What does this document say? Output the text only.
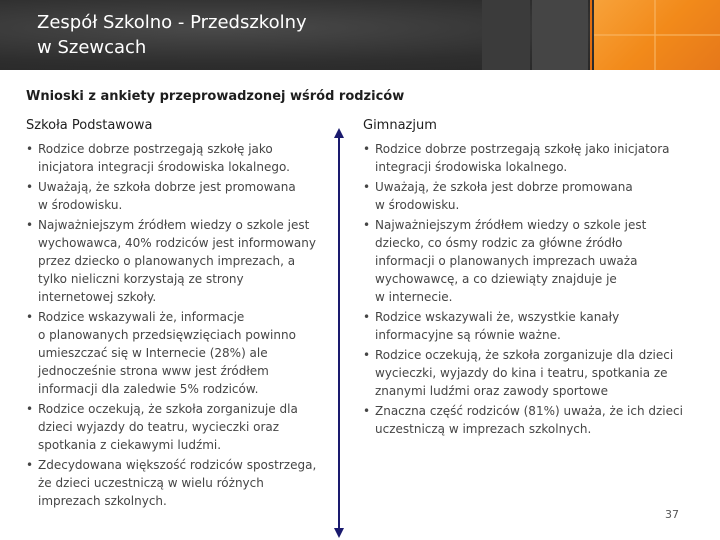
Zespół Szkolno - Przedszkolny
w Szewcach
Wnioski z ankiety przeprowadzonej wśród rodziców
Szkoła Podstawowa	Gimnazjum
• Rodzice dobrze postrzegają szkołę jako
inicjatora integracji środowiska lokalnego.
• Uważają, że szkoła dobrze jest promowana
w środowisku.
• Najważniejszym źródłem wiedzy o szkole jest
wychowawca, 40% rodziców jest informowany
przez dziecko o planowanych imprezach, a
tylko nieliczni korzystają ze strony
internetowej szkoły.
• Rodzice wskazywali że, informacje
o planowanych przedsięwzięciach powinno
umieszczać się w Internecie (28%) ale
jednocześnie strona www jest źródłem
informacji dla zaledwie 5% rodziców.
• Rodzice oczekują, że szkoła zorganizuje dla
dzieci wyjazdy do teatru, wycieczki oraz
spotkania z ciekawymi ludźmi.
• Zdecydowana większość rodziców spostrzega,
że dzieci uczestniczą w wielu różnych
imprezach szkolnych.
• Rodzice dobrze postrzegają szkołę jako inicjatora
integracji środowiska lokalnego.
• Uważają, że szkoła jest dobrze promowana
w środowisku.
• Najważniejszym źródłem wiedzy o szkole jest
dziecko, co ósmy rodzic za główne źródło
informacji o planowanych imprezach uważa
wychowawcę, a co dziewiąty znajduje je
w internecie.
• Rodzice wskazywali że, wszystkie kanały
informacyjne są równie ważne.
• Rodzice oczekują, że szkoła zorganizuje dla dzieci
wycieczki, wyjazdy do kina i teatru, spotkania ze
znanymi ludźmi oraz zawody sportowe
• Znaczna część rodziców (81%) uważa, że ich dzieci
uczestniczą w imprezach szkolnych.
37
